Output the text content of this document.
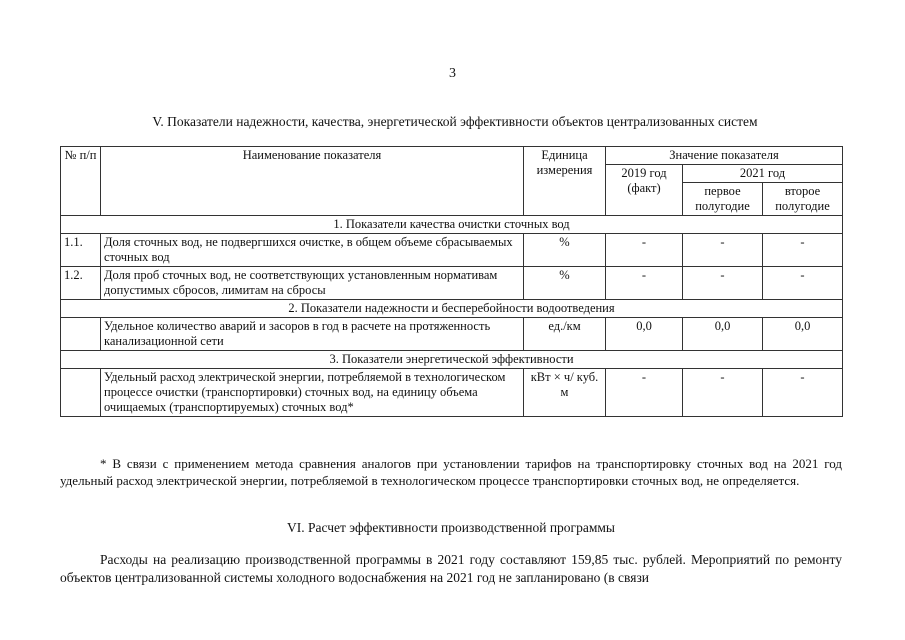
3
V. Показатели надежности, качества, энергетической эффективности объектов централизованных систем
№ п/п	Наименование показателя	Единица измерения	Значение показателя		
			2019 год (факт)	2021 год	
				первое полугодие	второе полугодие
1. Показатели качества очистки сточных вод					
1.1.	Доля сточных вод, не подвергшихся очистке, в общем объеме сбрасываемых сточных вод	%	-	-	-
1.2.	Доля проб сточных вод, не соответствующих установленным нормативам допустимых сбросов, лимитам на сбросы	%	-	-	-
2. Показатели надежности и бесперебойности водоотведения					
	Удельное количество аварий и засоров в год в расчете на протяженность канализационной сети	ед./км	0,0	0,0	0,0
3. Показатели энергетической эффективности					
	Удельный расход электрической энергии, потребляемой в технологическом процессе очистки (транспортировки) сточных вод, на единицу объема очищаемых (транспортируемых) сточных вод*	кВт × ч/ куб. м	-	-	-
* В связи с применением метода сравнения аналогов при установлении тарифов на транспортировку сточных вод на 2021 год удельный расход электрической энергии, потребляемой в технологическом процессе транспортировки сточных вод, не определяется.
VI. Расчет эффективности производственной программы
Расходы на реализацию производственной программы в 2021 году составляют 159,85 тыс. рублей. Мероприятий по ремонту объектов централизованной системы холодного водоснабжения на 2021 год не запланировано (в связи
